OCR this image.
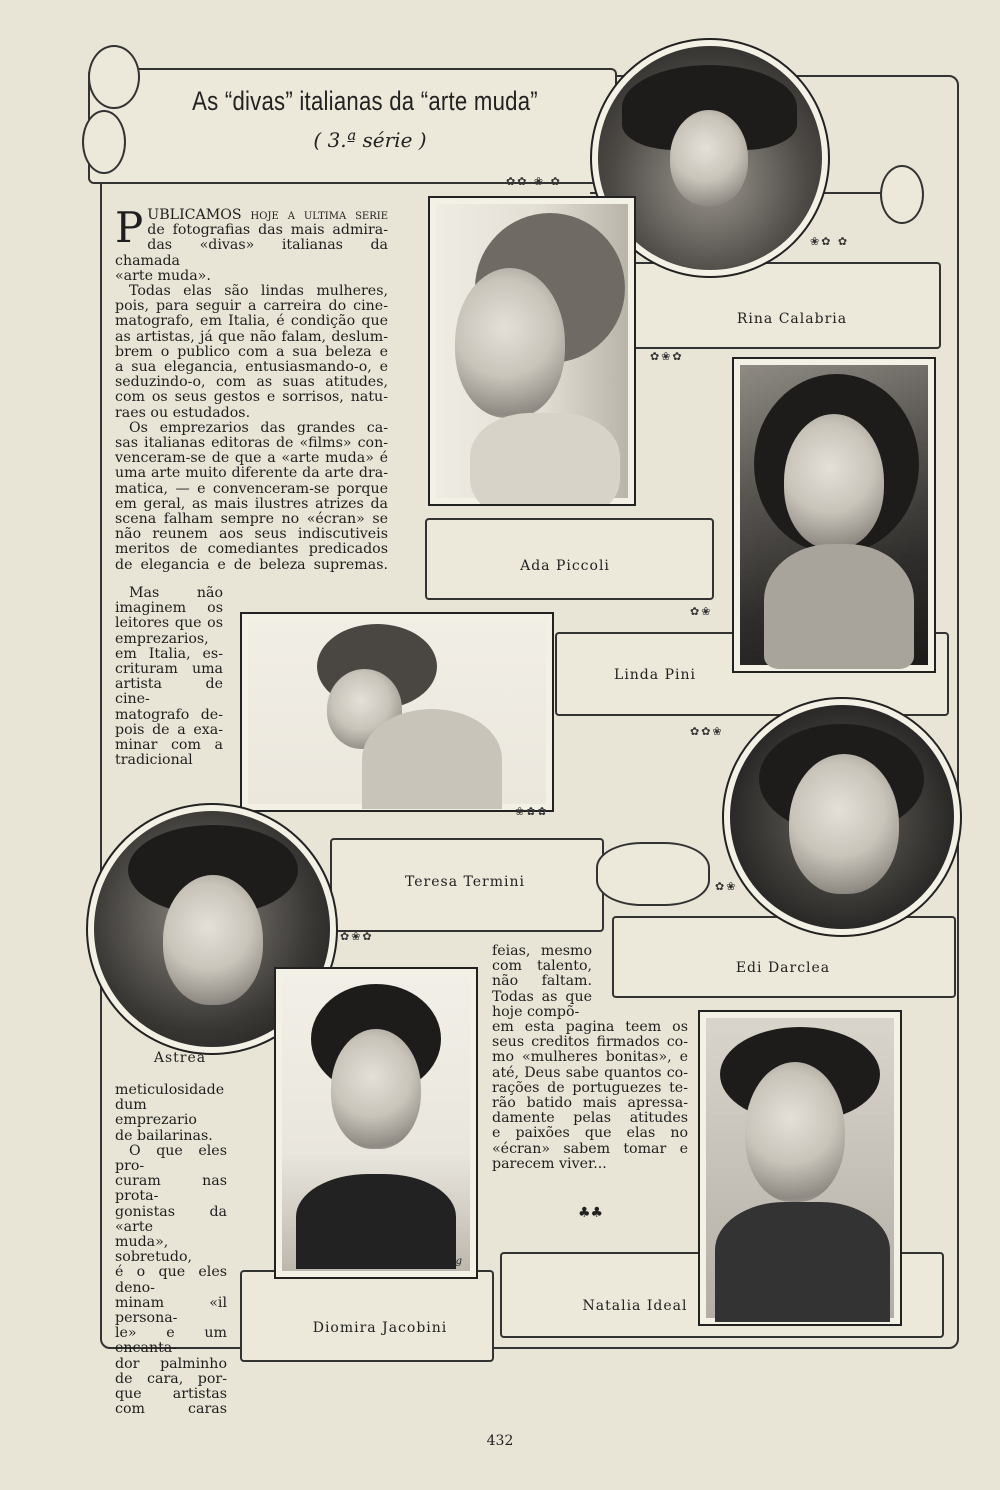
As “divas” italianas da “arte muda”
( 3.ª série )
Scotting
Rina Calabria
Ada Piccoli
Linda Pini
Teresa Termini
Edi Darclea
Astrea
Diomira Jacobini
Natalia Ideal
✿✿ ❀ ✿
❀✿ ✿
✿❀✿
✿❀
✿✿❀
❀✿✿
✿❀
✿❀✿
P UBLICAMOS hoje a ultima serie

de fotografias das mais admira-

das «divas» italianas da chamada

«arte muda».

Todas elas são lindas mulheres,

pois, para seguir a carreira do cine-

matografo, em Italia, é condição que

as artistas, já que não falam, deslum-

brem o publico com a sua beleza e

a sua elegancia, entusiasmando-o, e

seduzindo-o, com as suas atitudes,

com os seus gestos e sorrisos, natu-

raes ou estudados.

Os emprezarios das grandes ca-

sas italianas editoras de «films» con-

venceram-se de que a «arte muda» é

uma arte muito diferente da arte dra-

matica, — e convenceram-se porque

em geral, as mais ilustres atrizes da

scena falham sempre no «écran» se

não reunem aos seus indiscutiveis

meritos de comediantes predicados

de elegancia e de beleza supremas.

Mas não

imaginem os

leitores que os

emprezarios,

em Italia, es-

crituram uma

artista de cine-

matografo de-

pois de a exa-

minar com a

tradicional

meticulosidade

dum emprezario

de bailarinas.

O que eles pro-

curam nas prota-

gonistas da «arte

muda», sobretudo,

é o que eles deno-

minam «il persona-

le» e um encanta-

dor palminho

de cara, por-

que artistas

com caras

feias, mesmo

com talento,

não faltam.

Todas as que

hoje compõ-

em esta pagina teem os

seus creditos firmados co-

mo «mulheres bonitas», e

até, Deus sabe quantos co-

rações de portuguezes te-

rão batido mais apressa-

damente pelas atitudes

e paixões que elas no

«écran» sabem tomar e

parecem viver...

♣♣
432
